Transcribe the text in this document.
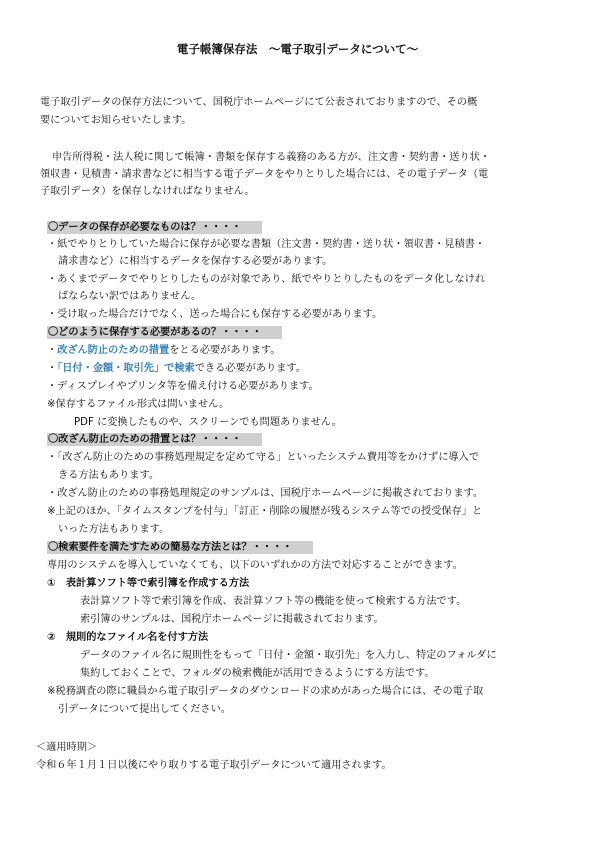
電子帳簿保存法　～電子取引データについて～
電子取引データの保存方法について、国税庁ホームページにて公表されておりますので、その概
要についてお知らせいたします。
申告所得税・法人税に関して帳簿・書類を保存する義務のある方が、注文書・契約書・送り状・
領収書・見積書・請求書などに相当する電子データをやりとりした場合には、その電子データ（電
子取引データ）を保存しなければなりません。
〇データの保存が必要なものは？・・・・
・紙でやりとりしていた場合に保存が必要な書類（注文書・契約書・送り状・領収書・見積書・
請求書など）に相当するデータを保存する必要があります。
・あくまでデータでやりとりしたものが対象であり、紙でやりとりしたものをデータ化しなけれ
ばならない訳ではありません。
・受け取った場合だけでなく、送った場合にも保存する必要があります。
〇どのように保存する必要があるの？・・・・
・改ざん防止のための措置をとる必要があります。
・「日付・金額・取引先」で検索できる必要があります。
・ディスプレイやプリンタ等を備え付ける必要があります。
※保存するファイル形式は問いません。
PDF に変換したものや、スクリーンでも問題ありません。
〇改ざん防止のための措置とは？・・・・
・「改ざん防止のための事務処理規定を定めて守る」といったシステム費用等をかけずに導入で
きる方法もあります。
・改ざん防止のための事務処理規定のサンプルは、国税庁ホームページに掲載されております。
※上記のほか、「タイムスタンプを付与」「訂正・削除の履歴が残るシステム等での授受保存」と
いった方法もあります。
〇検索要件を満たすための簡易な方法とは？・・・・
専用のシステムを導入していなくても、以下のいずれかの方法で対応することができます。
①　表計算ソフト等で索引簿を作成する方法
表計算ソフト等で索引簿を作成、表計算ソフト等の機能を使って検索する方法です。
索引簿のサンプルは、国税庁ホームページに掲載されております。
②　規則的なファイル名を付す方法
データのファイル名に規則性をもって「日付・金額・取引先」を入力し、特定のフォルダに
集約しておくことで、フォルダの検索機能が活用できるようにする方法です。
※税務調査の際に職員から電子取引データのダウンロードの求めがあった場合には、その電子取
引データについて提出してください。
＜適用時期＞
令和６年１月１日以後にやり取りする電子取引データについて適用されます。
